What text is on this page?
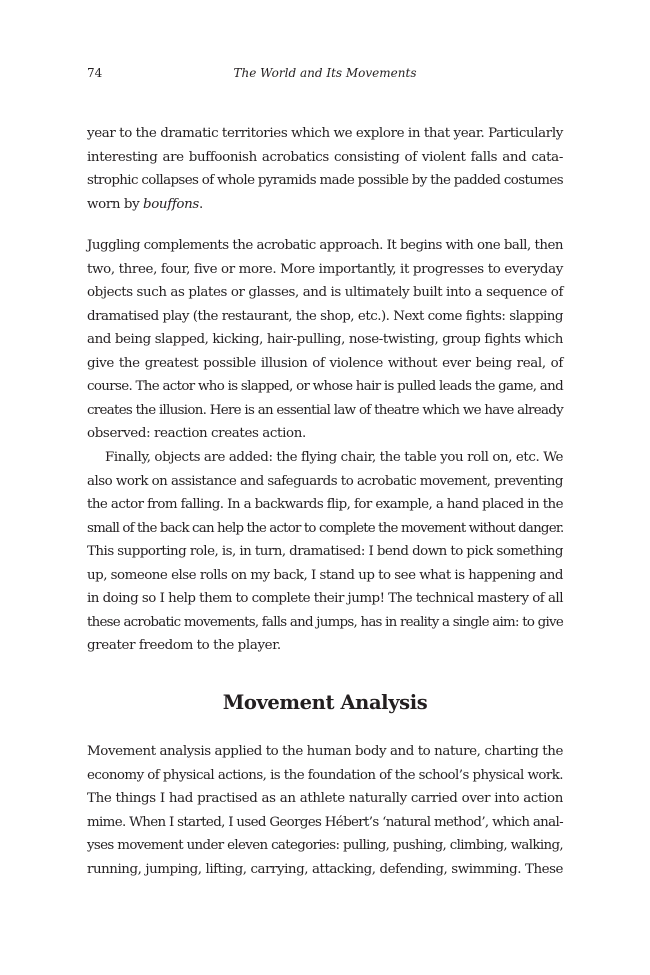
74	The World and Its Movements
year to the dramatic territories which we explore in that year. Particularly
interesting are buffoonish acrobatics consisting of violent falls and cata-
strophic collapses of whole pyramids made possible by the padded costumes
worn by bouffons.
Juggling complements the acrobatic approach. It begins with one ball, then
two, three, four, five or more. More importantly, it progresses to everyday
objects such as plates or glasses, and is ultimately built into a sequence of
dramatised play (the restaurant, the shop, etc.). Next come fights: slapping
and being slapped, kicking, hair-pulling, nose-twisting, group fights which
give the greatest possible illusion of violence without ever being real, of
course. The actor who is slapped, or whose hair is pulled leads the game, and
creates the illusion. Here is an essential law of theatre which we have already
observed: reaction creates action.
Finally, objects are added: the flying chair, the table you roll on, etc. We
also work on assistance and safeguards to acrobatic movement, preventing
the actor from falling. In a backwards flip, for example, a hand placed in the
small of the back can help the actor to complete the movement without danger.
This supporting role, is, in turn, dramatised: I bend down to pick something
up, someone else rolls on my back, I stand up to see what is happening and
in doing so I help them to complete their jump! The technical mastery of all
these acrobatic movements, falls and jumps, has in reality a single aim: to give
greater freedom to the player.
Movement Analysis
Movement analysis applied to the human body and to nature, charting the
economy of physical actions, is the foundation of the school’s physical work.
The things I had practised as an athlete naturally carried over into action
mime. When I started, I used Georges Hébert’s ‘natural method’, which anal-
yses movement under eleven categories: pulling, pushing, climbing, walking,
running, jumping, lifting, carrying, attacking, defending, swimming. These
